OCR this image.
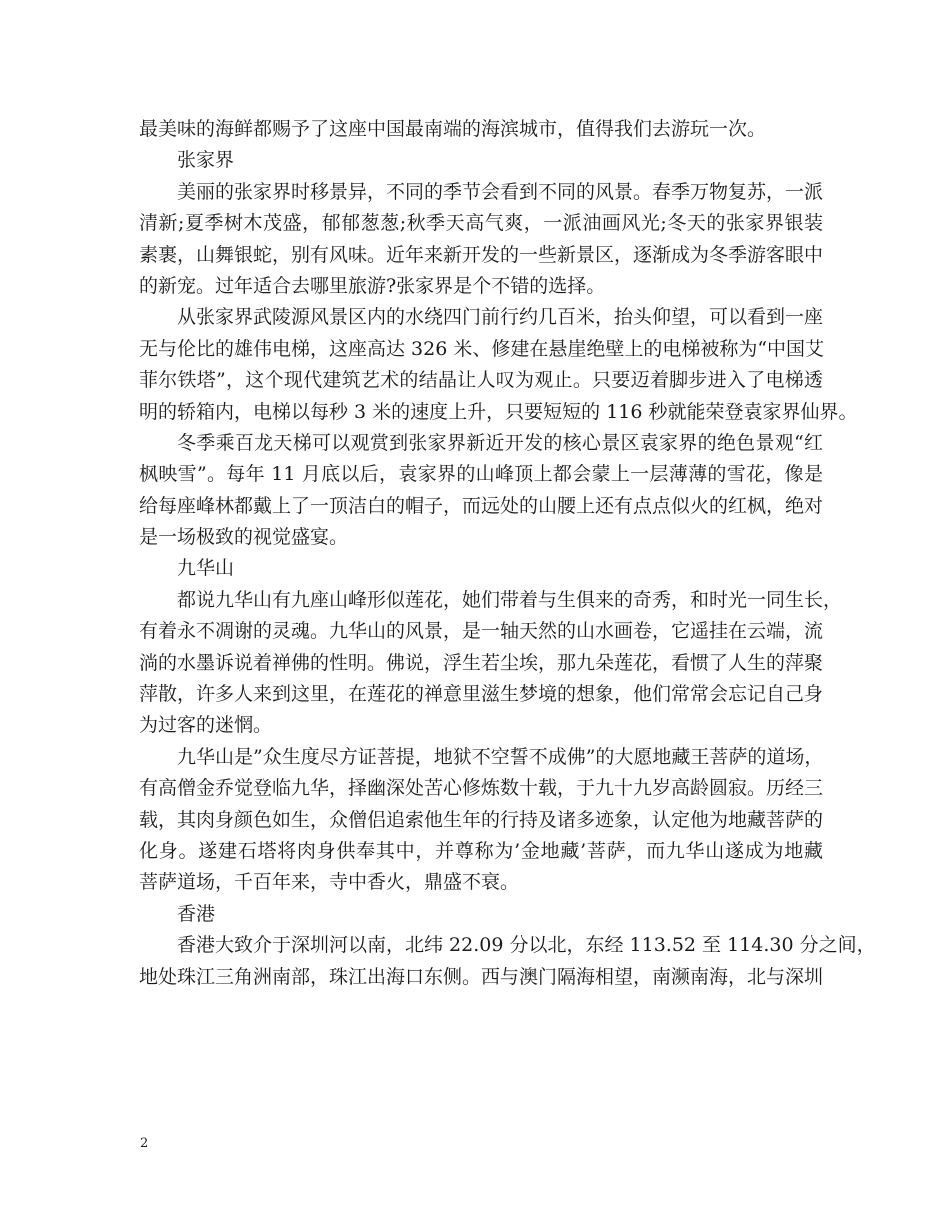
最美味的海鲜都赐予了这座中国最南端的海滨城市，值得我们去游玩一次。
张家界
美丽的张家界时移景异，不同的季节会看到不同的风景。春季万物复苏，一派
清新;夏季树木茂盛，郁郁葱葱;秋季天高气爽，一派油画风光;冬天的张家界银装
素裹，山舞银蛇，别有风味。近年来新开发的一些新景区，逐渐成为冬季游客眼中
的新宠。过年适合去哪里旅游?张家界是个不错的选择。
从张家界武陵源风景区内的水绕四门前行约几百米，抬头仰望，可以看到一座
无与伦比的雄伟电梯，这座高达 326 米、修建在悬崖绝壁上的电梯被称为“中国艾
菲尔铁塔”，这个现代建筑艺术的结晶让人叹为观止。只要迈着脚步进入了电梯透
明的轿箱内，电梯以每秒 3 米的速度上升，只要短短的 116 秒就能荣登袁家界仙界。
冬季乘百龙天梯可以观赏到张家界新近开发的核心景区袁家界的绝色景观“红
枫映雪”。每年 11 月底以后，袁家界的山峰顶上都会蒙上一层薄薄的雪花，像是
给每座峰林都戴上了一顶洁白的帽子，而远处的山腰上还有点点似火的红枫，绝对
是一场极致的视觉盛宴。
九华山
都说九华山有九座山峰形似莲花，她们带着与生俱来的奇秀，和时光一同生长，
有着永不凋谢的灵魂。九华山的风景，是一轴天然的山水画卷，它遥挂在云端，流
淌的水墨诉说着禅佛的性明。佛说，浮生若尘埃，那九朵莲花，看惯了人生的萍聚
萍散，许多人来到这里，在莲花的禅意里滋生梦境的想象，他们常常会忘记自己身
为过客的迷惘。
九华山是”众生度尽方证菩提，地狱不空誓不成佛”的大愿地藏王菩萨的道场，
有高僧金乔觉登临九华，择幽深处苦心修炼数十载，于九十九岁高龄圆寂。历经三
载，其肉身颜色如生，众僧侣追索他生年的行持及诸多迹象，认定他为地藏菩萨的
化身。遂建石塔将肉身供奉其中，并尊称为’金地藏’菩萨，而九华山遂成为地藏
菩萨道场，千百年来，寺中香火，鼎盛不衰。
香港
香港大致介于深圳河以南，北纬 22.09 分以北，东经 113.52 至 114.30 分之间，
地处珠江三角洲南部，珠江出海口东侧。西与澳门隔海相望，南濒南海，北与深圳
2
